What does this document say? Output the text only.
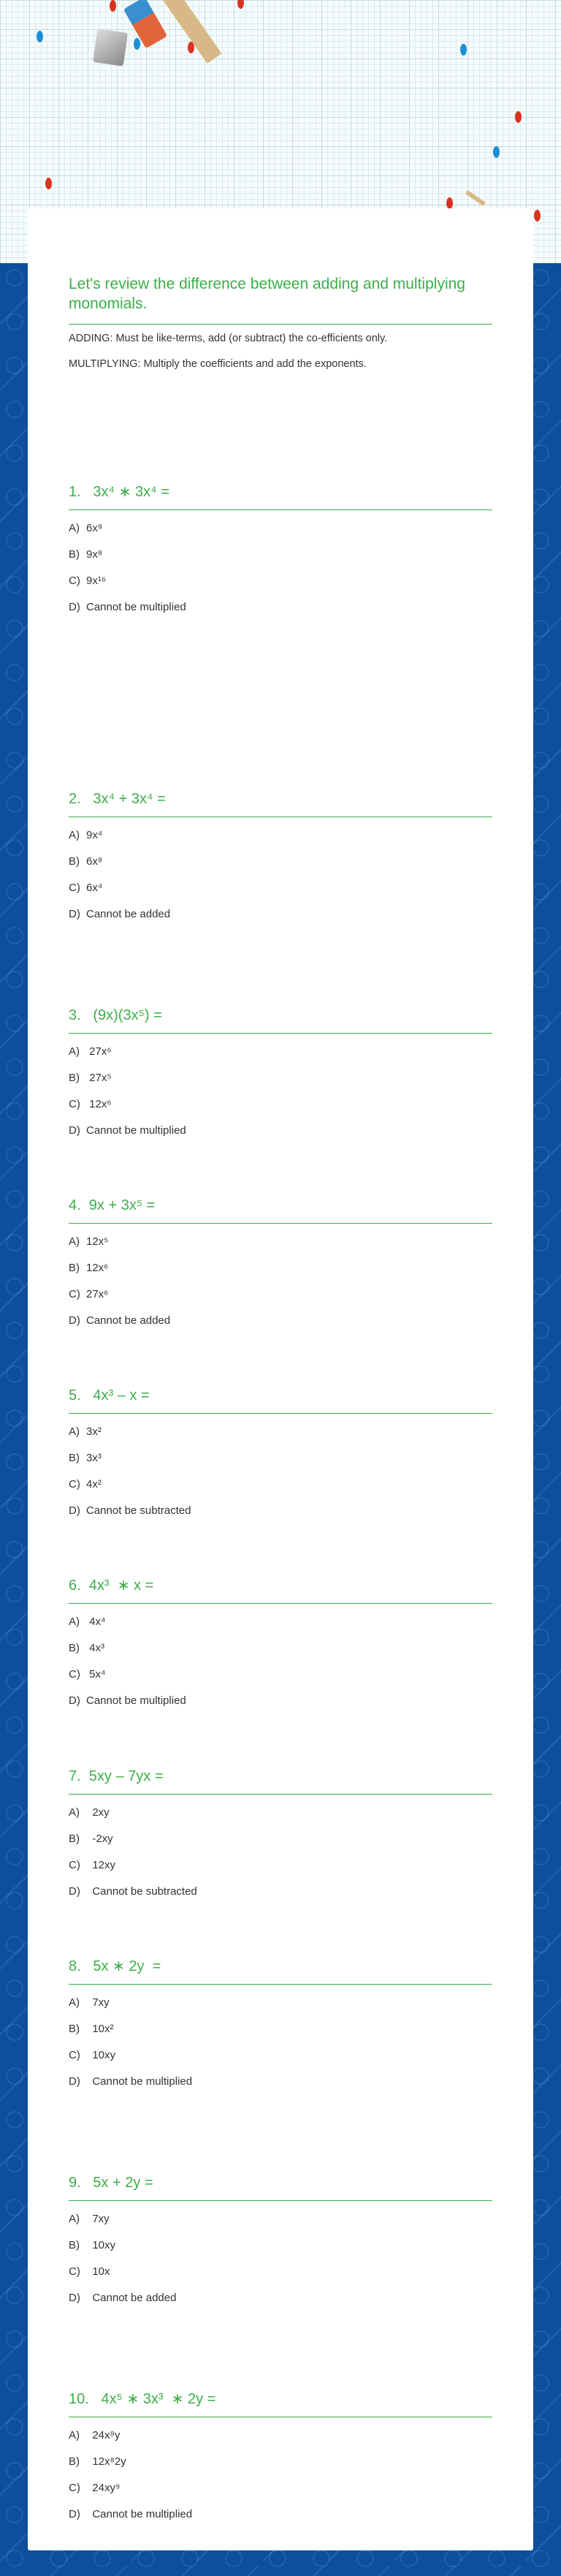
Let's review the difference between adding and multiplying monomials.
ADDING: Must be like-terms, add (or subtract) the co-efficients only.
MULTIPLYING: Multiply the coefficients and add the exponents.
1.   3x⁴ ∗ 3x⁴ =
A) 6x⁸
B) 9x⁸
C) 9x¹⁶
D) Cannot be multiplied
2.   3x⁴ + 3x⁴ =
A) 9x⁴
B) 6x⁸
C) 6x⁴
D) Cannot be added
3.   (9x)(3x⁵) =
A) 27x⁶
B) 27x⁵
C) 12x⁶
D) Cannot be multiplied
4.  9x + 3x⁵ =
A) 12x⁵
B) 12x⁶
C) 27x⁶
D) Cannot be added
5.   4x³ – x =
A) 3x²
B) 3x³
C) 4x²
D) Cannot be subtracted
6.  4x³  ∗ x =
A) 4x⁴
B) 4x³
C) 5x⁴
D) Cannot be multiplied
7.  5xy – 7yx =
A)  2xy
B)  -2xy
C)  12xy
D)  Cannot be subtracted
8.   5x ∗ 2y  =
A)  7xy
B)  10x²
C)  10xy
D)  Cannot be multiplied
9.   5x + 2y =
A)  7xy
B)  10xy
C)  10x
D)  Cannot be added
10.   4x⁵ ∗ 3x³  ∗ 2y =
A)  24x⁸y
B)  12x⁸2y
C)  24xy⁹
D)  Cannot be multiplied
